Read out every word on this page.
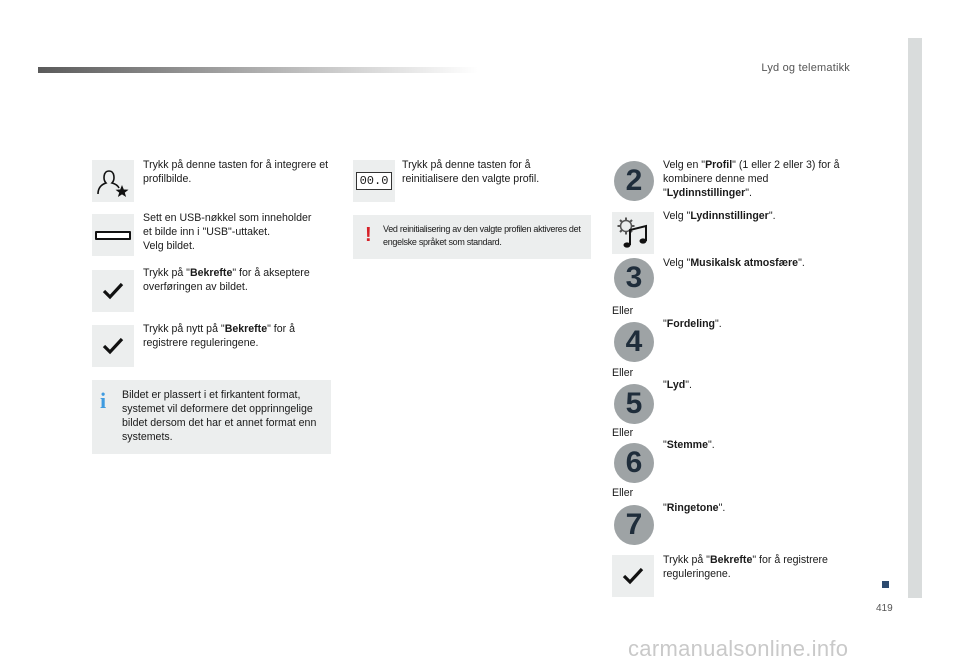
Lyd og telematikk
Trykk på denne tasten for å integrere et profilbilde.
Sett en USB-nøkkel som inneholder
et bilde inn i "USB"-uttaket.
Velg bildet.
Trykk på "Bekrefte" for å akseptere overføringen av bildet.
Trykk på nytt på "Bekrefte" for å registrere reguleringene.
i	Bildet er plassert i et firkantent format, systemet vil deformere det opprinngelige bildet dersom det har et annet format enn systemets.
00.0
Trykk på denne tasten for å reinitialisere den valgte profil.
! Ved reinitialisering av den valgte profilen aktiveres det engelske språket som standard.
2	Velg en "Profil" (1 eller 2 eller 3) for å kombinere denne med "Lydinnstillinger".
Velg "Lydinnstillinger".
3	Velg "Musikalsk atmosfære".
Eller
4
"Fordeling".
Eller
5
"Lyd".
Eller
6
"Stemme".
Eller
7	"Ringetone".
Trykk på "Bekrefte" for å registrere reguleringene.
419
carmanualsonline.info
